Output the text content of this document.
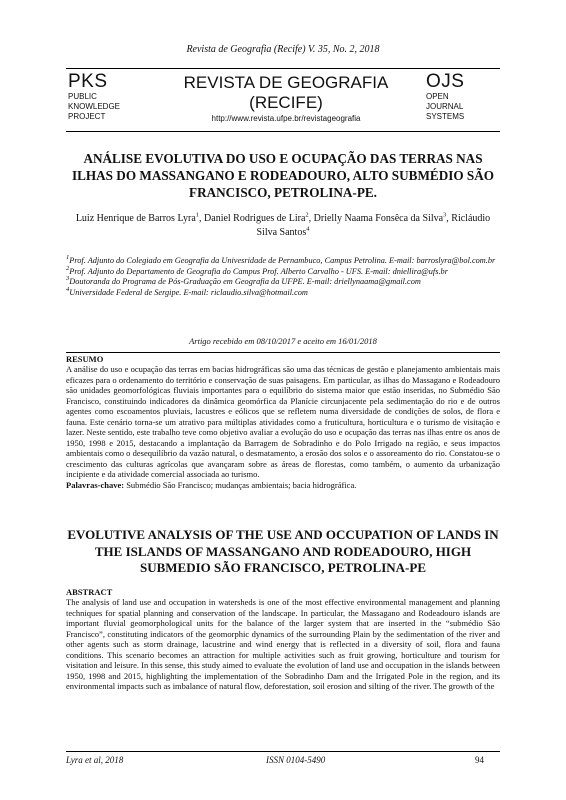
Revista de Geografia (Recife) V. 35, No. 2, 2018
PKS
PUBLIC
KNOWLEDGE
PROJECT
REVISTA DE GEOGRAFIA
(RECIFE)
http://www.revista.ufpe.br/revistageografia
OJS
OPEN
JOURNAL
SYSTEMS
ANÁLISE EVOLUTIVA DO USO E OCUPAÇÃO DAS TERRAS NAS ILHAS DO MASSANGANO E RODEADOURO, ALTO SUBMÉDIO SÃO FRANCISCO, PETROLINA-PE.
Luiz Henrique de Barros Lyra$^1$, Daniel Rodrigues de Lira$^2$, Drielly Naama Fonsêca da Silva$^3$, Ricláudio Silva Santos$^4$
$^1$Prof. Adjunto do Colegiado em Geografia da Univesridade de Pernambuco, Campus Petrolina. E-mail: barroslyra@bol.com.br
$^2$Prof. Adjunto do Departamento de Geografia do Campus Prof. Alberto Carvalho - UFS. E-mail: dniellira@ufs.br
$^3$Doutoranda do Programa de Pós-Graduação em Geografia da UFPE. E-mail: driellynaama@gmail.com
$^4$Universidade Federal de Sergipe. E-mail: riclaudio.silva@hotmail.com
Artigo recebido em 08/10/2017 e aceito em 16/01/2018
RESUMO
A análise do uso e ocupação das terras em bacias hidrográficas são uma das técnicas de gestão e planejamento ambientais mais eficazes para o ordenamento do território e conservação de suas paisagens. Em particular, as ilhas do Massagano e Rodeadouro são unidades geomorfológicas fluviais importantes para o equilíbrio do sistema maior que estão inseridas, no Submédio São Francisco, constituindo indicadores da dinâmica geomórfica da Planície circunjacente pela sedimentação do rio e de outros agentes como escoamentos pluviais, lacustres e eólicos que se refletem numa diversidade de condições de solos, de flora e fauna. Este cenário torna-se um atrativo para múltiplas atividades como a fruticultura, horticultura e o turismo de visitação e lazer. Neste sentido, este trabalho teve como objetivo avaliar a evolução do uso e ocupação das terras nas ilhas entre os anos de 1950, 1998 e 2015, destacando a implantação da Barragem de Sobradinho e do Polo Irrigado na região, e seus impactos ambientais como o desequilíbrio da vazão natural, o desmatamento, a erosão dos solos e o assoreamento do rio. Constatou-se o crescimento das culturas agrícolas que avançaram sobre as áreas de florestas, como também, o aumento da urbanização incipiente e da atividade comercial associada ao turismo.
Palavras-chave: Submédio São Francisco; mudanças ambientais; bacia hidrográfica.
EVOLUTIVE ANALYSIS OF THE USE AND OCCUPATION OF LANDS IN THE ISLANDS OF MASSANGANO AND RODEADOURO, HIGH SUBMEDIO SÃO FRANCISCO, PETROLINA-PE
ABSTRACT
The analysis of land use and occupation in watersheds is one of the most effective environmental management and planning techniques for spatial planning and conservation of the landscape. In particular, the Massagano and Rodeadouro islands are important fluvial geomorphological units for the balance of the larger system that are inserted in the “submédio São Francisco”, constituting indicators of the geomorphic dynamics of the surrounding Plain by the sedimentation of the river and other agents such as storm drainage, lacustrine and wind energy that is reflected in a diversity of soil, flora and fauna conditions. This scenario becomes an attraction for multiple activities such as fruit growing, horticulture and tourism for visitation and leisure. In this sense, this study aimed to evaluate the evolution of land use and occupation in the islands between 1950, 1998 and 2015, highlighting the implementation of the Sobradinho Dam and the Irrigated Pole in the region, and its environmental impacts such as imbalance of natural flow, deforestation, soil erosion and silting of the river. The growth of the
Lyra et al, 2018	ISSN 0104-5490	94
